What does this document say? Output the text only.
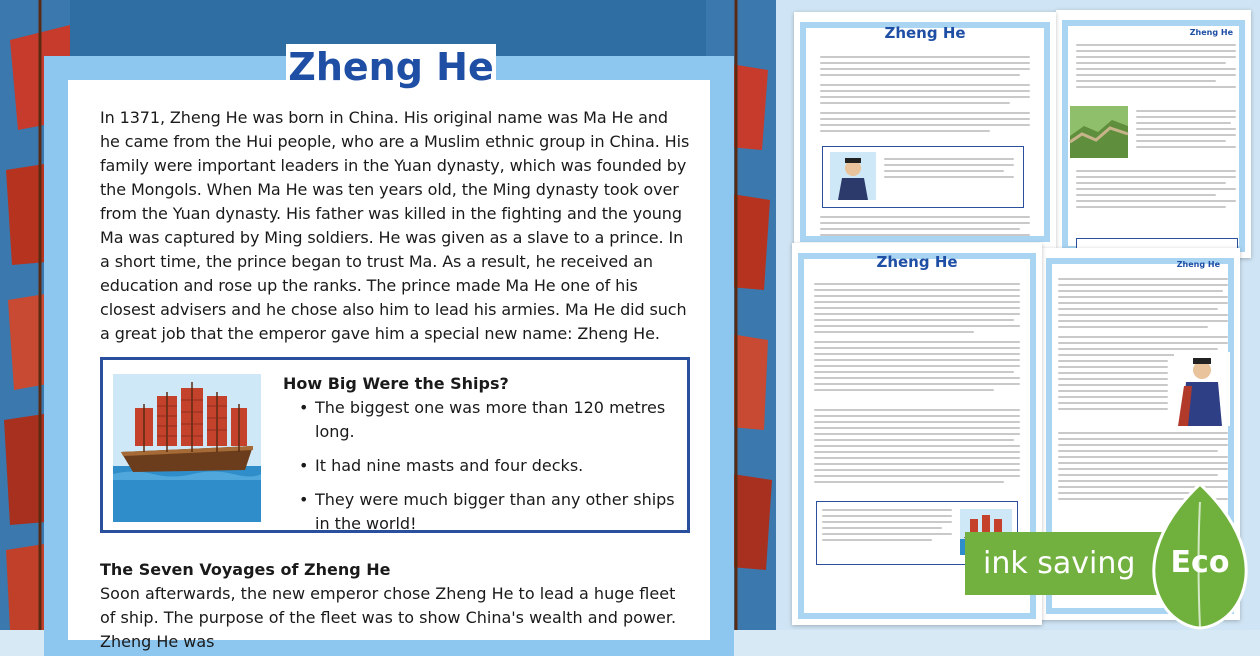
Zheng He

In 1371, Zheng He was born in China. His original name was Ma He and he came from the Hui people, who are a Muslim ethnic group in China. His family were important leaders in the Yuan dynasty, which was founded by the Mongols. When Ma He was ten years old, the Ming dynasty took over from the Yuan dynasty. His father was killed in the fighting and the young Ma was captured by Ming soldiers. He was given as a slave to a prince. In a short time, the prince began to trust Ma. As a result, he received an education and rose up the ranks. The prince made Ma He one of his closest advisers and he chose also him to lead his armies. Ma He did such a great job that the emperor gave him a special new name: Zheng He.

How Big Were the Ships?
• The biggest one was more than 120 metres long.
• It had nine masts and four decks.
• They were much bigger than any other ships in the world!
The Seven Voyages of Zheng He

Soon afterwards, the new emperor chose Zheng He to lead a huge fleet of ship. The purpose of the fleet was to show China's wealth and power. Zheng He was

Zheng He
Zheng He
Zheng He
Zheng He
ink saving	Eco
